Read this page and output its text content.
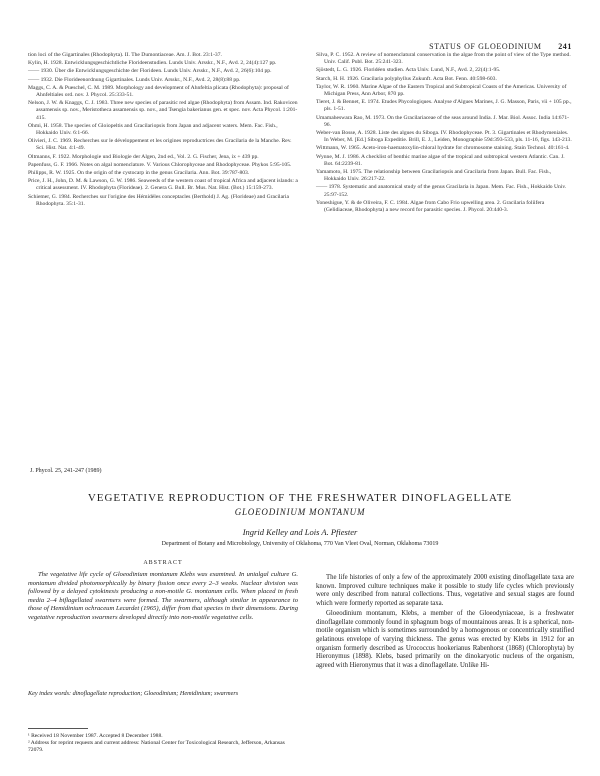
STATUS OF GLOEODINIUM 241
tion loci of the Gigartinales (Rhodophyta). II. The Dumontiaceae. Am. J. Bot. 23:1-37.
Kylin, H. 1928. Entwicklungsgeschichtliche Florideenstudien. Lunds Univ. Arsskr., N.F., Avd. 2, 24(4):127 pp.
—— 1930. Über die Entwicklungsgeschichte der Florideen. Lunds Univ. Arsskr., N.F., Avd. 2, 26(6):104 pp.
—— 1932. Die Florideenordnung Gigartinales. Lunds Univ. Arsskr., N.F., Avd. 2, 28(8):88 pp.
Maggs, C. A. & Pueschel, C. M. 1989. Morphology and development of Ahnfeltia plicata (Rhodophyta): proposal of Ahnfeltiales ord. nov. J. Phycol. 25:333-51.
Nelson, J. W. & Knaggs, C. J. 1983. Three new species of parasitic red algae (Rhodophyta) from Assam. Ind. Rakovicen assamensis sp. nov., Meristotheca assamensis sp. nov., and Tsengia bakerianus gen. et spec. nov. Acta Phycol. 1:201-415.
Ohmi, H. 1958. The species of Gloiopeltis and Gracilariopsis from Japan and adjacent waters. Mem. Fac. Fish., Hokkaido Univ. 6:1-66.
Olivieri, J. C. 1969. Recherches sur le développement et les origines reproductrices des Gracilaria de la Manche. Rev. Sci. Hist. Nat. 4:1-49.
Oltmanns, F. 1922. Morphologie und Biologie der Algen, 2nd ed., Vol. 2. G. Fischer, Jena, ix + 439 pp.
Papenfuss, G. F. 1966. Notes on algal nomenclature. V. Various Chlorophyceae and Rhodophyceae. Phykos 5:95-105.
Philipps, R. W. 1925. On the origin of the cystocarp in the genus Gracilaria. Ann. Bot. 39:787-803.
Price, J. H., John, D. M. & Lawson, G. W. 1986. Seaweeds of the western coast of tropical Africa and adjacent islands: a critical assessment. IV. Rhodophyta (Florideae). 2. Genera G. Bull. Br. Mus. Nat. Hist. (Bot.) 15:159-273.
Schiemer, G. 1984. Recherches sur l'origine des Hémidèles conceptacles (Berthold) J. Ag. (Florideae) and Gracilaria Rhodophyta. 35:1-31.
Silva, P. C. 1952. A review of nomenclatural conservation in the algae from the point of view of the Type method. Univ. Calif. Publ. Bot. 25:241-323.
Sjöstedt, L. G. 1926. Floridéen studien. Acta Univ. Lund, N.F., Avd. 2, 22(4):1-95.
Starch, H. H. 1926. Gracilaria polyphyllus Zukunft. Acta Bot. Fenn. 40:598-603.
Taylor, W. R. 1960. Marine Algae of the Eastern Tropical and Subtropical Coasts of the Americas. University of Michigan Press, Ann Arbor, 870 pp.
Tieret, J. & Bennet, E. 1974. Etudes Phycologiques. Analyse d'Algues Marines, J. G. Masson, Paris, vii + 105 pp., pls. 1-51.
Umamaheswara Rao, M. 1973. On the Gracilariaceae of the seas around India. J. Mar. Biol. Assoc. India 14:671-96.
Weber-van Bosse, A. 1928. Liste des algues du Siboga. IV. Rhodophyceae. Pt. 3. Gigartinales et Rhodymeniales. In Weber, M. [Ed.] Siboga Expeditie. Brill, E. J., Leiden, Monographie 59d:393-533, pls. 11-16, figs. 143-213.
Wittmann, W. 1965. Aceto-iron-haematoxylin-chloral hydrate for chromosome staining. Stain Technol. 40:161-4.
Wynne, M. J. 1986. A checklist of benthic marine algae of the tropical and subtropical western Atlantic. Can. J. Bot. 64:2239-81.
Yamamoto, H. 1975. The relationship between Gracilariopsis and Gracilaria from Japan. Bull. Fac. Fish., Hokkaido Univ. 26:217-22.
—— 1978. Systematic and anatomical study of the genus Gracilaria in Japan. Mem. Fac. Fish., Hokkaido Univ. 25:97-152.
Yoneshigue, Y. & de Oliveira, F. C. 1984. Algae from Cabo Frio upwelling area. 2. Gracilaria foliifera (Gelidiaceae, Rhodophyta) a new record for parasitic species. J. Phycol. 20:440-3.
J. Phycol. 25, 241-247 (1989)
VEGETATIVE REPRODUCTION OF THE FRESHWATER DINOFLAGELLATE
GLOEODINIUM MONTANUM
Ingrid Kelley and Lois A. Pfiester
Department of Botany and Microbiology, University of Oklahoma, 770 Van Vleet Oval, Norman, Oklahoma 73019
ABSTRACT
The vegetative life cycle of Gloeodinium montanum Klebs was examined. In unialgal culture G. montanum divided photomorphically by binary fission once every 2–3 weeks. Nuclear division was followed by a delayed cytokinesis producing a non-motile G. montanum cells. When placed in fresh media 2–4 biflagellated swarmers were formed. The swarmers, although similar in appearance to those of Hemidinium ochraceum Lecardet (1965), differ from that species in their dimensions. During vegetative reproduction swarmers developed directly into non-motile vegetative cells.
Key index words: dinoflagellate reproduction; Gloeodinium; Hemidinium; swarmers
¹ Received 18 November 1987. Accepted 8 December 1988.
² Address for reprint requests and current address: National Center for Toxicological Research, Jefferson, Arkansas 72079.

The life histories of only a few of the approximately 2000 existing dinoflagellate taxa are known. Improved culture techniques make it possible to study life cycles which previously were only described from natural collections. Thus, vegetative and sexual stages are found which were formerly reported as separate taxa.

Gloeodinium montanum, Klebs, a member of the Gloeodyniaceae, is a freshwater dinoflagellate commonly found in sphagnum bogs of mountainous areas. It is a spherical, non-motile organism which is sometimes surrounded by a homogenous or concentrically stratified gelatinous envelope of varying thickness. The genus was erected by Klebs in 1912 for an organism formerly described as Urococcus hookerianus Rabenhorst (1868) (Chlorophyta) by Hieronymus (1898). Klebs, based primarily on the dinokaryotic nucleus of the organism, agreed with Hieronymus that it was a dinoflagellate. Unlike Hi-
